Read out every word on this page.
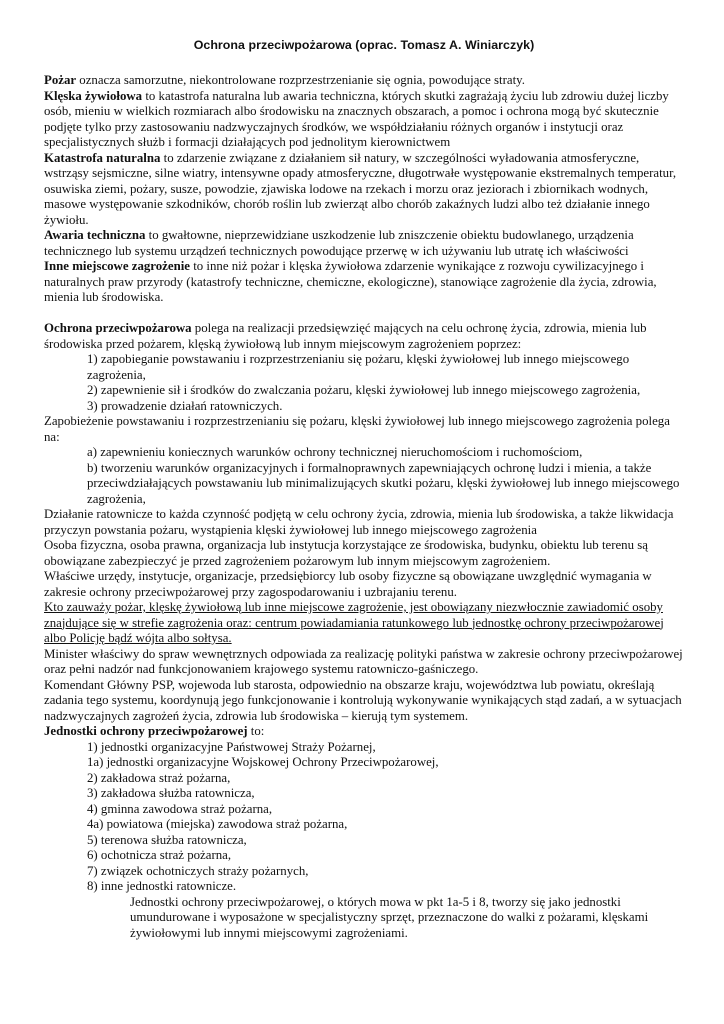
Ochrona przeciwpożarowa (oprac. Tomasz A. Winiarczyk)

Pożar oznacza samorzutne, niekontrolowane rozprzestrzenianie się ognia, powodujące straty.

Klęska żywiołowa to katastrofa naturalna lub awaria techniczna, których skutki zagrażają życiu lub zdrowiu dużej liczby osób, mieniu w wielkich rozmiarach albo środowisku na znacznych obszarach, a pomoc i ochrona mogą być skutecznie podjęte tylko przy zastosowaniu nadzwyczajnych środków, we współdziałaniu różnych organów i instytucji oraz specjalistycznych służb i formacji działających pod jednolitym kierownictwem

Katastrofa naturalna to zdarzenie związane z działaniem sił natury, w szczególności wyładowania atmosferyczne, wstrząsy sejsmiczne, silne wiatry, intensywne opady atmosferyczne, długotrwałe występowanie ekstremalnych temperatur, osuwiska ziemi, pożary, susze, powodzie, zjawiska lodowe na rzekach i morzu oraz jeziorach i zbiornikach wodnych, masowe występowanie szkodników, chorób roślin lub zwierząt albo chorób zakaźnych ludzi albo też działanie innego żywiołu.

Awaria techniczna to gwałtowne, nieprzewidziane uszkodzenie lub zniszczenie obiektu budowlanego, urządzenia technicznego lub systemu urządzeń technicznych powodujące przerwę w ich używaniu lub utratę ich właściwości

Inne miejscowe zagrożenie to inne niż pożar i klęska żywiołowa zdarzenie wynikające z rozwoju cywilizacyjnego i naturalnych praw przyrody (katastrofy techniczne, chemiczne, ekologiczne), stanowiące zagrożenie dla życia, zdrowia, mienia lub środowiska.

Ochrona przeciwpożarowa polega na realizacji przedsięwzięć mających na celu ochronę życia, zdrowia, mienia lub środowiska przed pożarem, klęską żywiołową lub innym miejscowym zagrożeniem poprzez:

1) zapobieganie powstawaniu i rozprzestrzenianiu się pożaru, klęski żywiołowej lub innego miejscowego zagrożenia,
2) zapewnienie sił i środków do zwalczania pożaru, klęski żywiołowej lub innego miejscowego zagrożenia,
3) prowadzenie działań ratowniczych.

Zapobieżenie powstawaniu i rozprzestrzenianiu się pożaru, klęski żywiołowej lub innego miejscowego zagrożenia polega na:

a) zapewnieniu koniecznych warunków ochrony technicznej nieruchomościom i ruchomościom,
b) tworzeniu warunków organizacyjnych i formalnoprawnych zapewniających ochronę ludzi i mienia, a także przeciwdziałających powstawaniu lub minimalizujących skutki pożaru, klęski żywiołowej lub innego miejscowego zagrożenia,

Działanie ratownicze to każda czynność podjętą w celu ochrony życia, zdrowia, mienia lub środowiska, a także likwidacja przyczyn powstania pożaru, wystąpienia klęski żywiołowej lub innego miejscowego zagrożenia

Osoba fizyczna, osoba prawna, organizacja lub instytucja korzystające ze środowiska, budynku, obiektu lub terenu są obowiązane zabezpieczyć je przed zagrożeniem pożarowym lub innym miejscowym zagrożeniem.

Właściwe urzędy, instytucje, organizacje, przedsiębiorcy lub osoby fizyczne są obowiązane uwzględnić wymagania w zakresie ochrony przeciwpożarowej przy zagospodarowaniu i uzbrajaniu terenu.

Kto zauważy pożar, klęskę żywiołową lub inne miejscowe zagrożenie, jest obowiązany niezwłocznie zawiadomić osoby znajdujące się w strefie zagrożenia oraz: centrum powiadamiania ratunkowego lub jednostkę ochrony przeciwpożarowej albo Policję bądź wójta albo sołtysa.

Minister właściwy do spraw wewnętrznych odpowiada za realizację polityki państwa w zakresie ochrony przeciwpożarowej oraz pełni nadzór nad funkcjonowaniem krajowego systemu ratowniczo-gaśniczego.

Komendant Główny PSP, wojewoda lub starosta, odpowiednio na obszarze kraju, województwa lub powiatu, określają zadania tego systemu, koordynują jego funkcjonowanie i kontrolują wykonywanie wynikających stąd zadań, a w sytuacjach nadzwyczajnych zagrożeń życia, zdrowia lub środowiska – kierują tym systemem.

Jednostki ochrony przeciwpożarowej to:

1) jednostki organizacyjne Państwowej Straży Pożarnej,
1a) jednostki organizacyjne Wojskowej Ochrony Przeciwpożarowej,
2) zakładowa straż pożarna,
3) zakładowa służba ratownicza,
4) gminna zawodowa straż pożarna,
4a) powiatowa (miejska) zawodowa straż pożarna,
5) terenowa służba ratownicza,
6) ochotnicza straż pożarna,
7) związek ochotniczych straży pożarnych,
8) inne jednostki ratownicze.

Jednostki ochrony przeciwpożarowej, o których mowa w pkt 1a-5 i 8, tworzy się jako jednostki umundurowane i wyposażone w specjalistyczny sprzęt, przeznaczone do walki z pożarami, klęskami żywiołowymi lub innymi miejscowymi zagrożeniami.
